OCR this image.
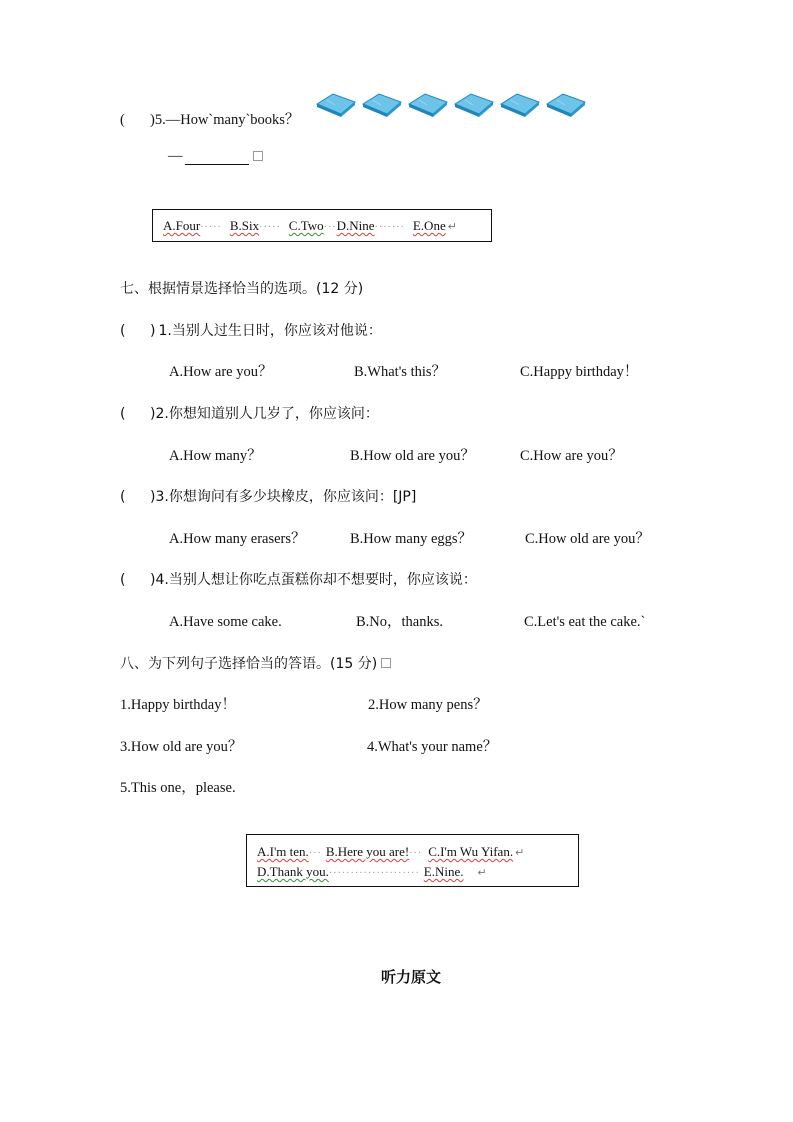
( )5.—How`many`books？
—
A.Four····· B.Six····· C.Two···D.Nine······· E.One ↵
七、根据情景选择恰当的选项。(12 分)
( ) 1.当别人过生日时，你应该对他说：
A.How are you？	B.What's this？	C.Happy birthday！
( )2.你想知道别人几岁了，你应该问：
A.How many？	B.How old are you？	C.How are you？
( )3.你想询问有多少块橡皮，你应该问：[JP]
A.How many erasers？	B.How many eggs？	C.How old are you？
( )4.当别人想让你吃点蛋糕你却不想要时，你应该说：
A.Have some cake.	B.No，thanks.	C.Let's eat the cake.`
八、为下列句子选择恰当的答语。(15 分)
1.Happy birthday！	2.How many pens？
3.How old are you？	4.What's your name？
5.This one，please.
A.I'm ten.··· B.Here you are!··· C.I'm Wu Yifan. ↵
D.Thank you.····················· E.Nine. ↵
听力原文
